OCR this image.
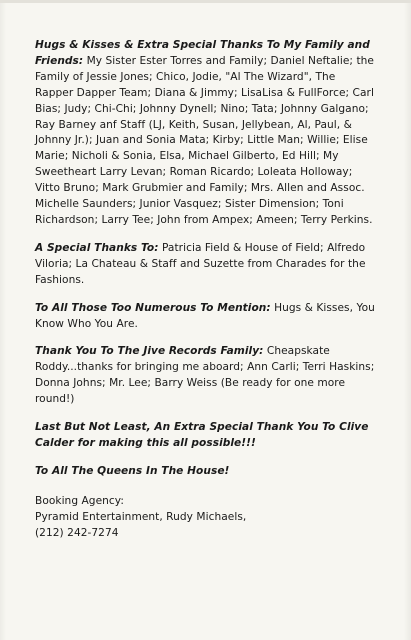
Hugs & Kisses & Extra Special Thanks To My Family and Friends: My Sister Ester Torres and Family; Daniel Neftalie; the Family of Jessie Jones; Chico, Jodie, "Al The Wizard", The Rapper Dapper Team; Diana & Jimmy; LisaLisa & FullForce; Carl Bias; Judy; Chi-Chi; Johnny Dynell; Nino; Tata; Johnny Galgano; Ray Barney anf Staff (LJ, Keith, Susan, Jellybean, Al, Paul, & Johnny Jr.); Juan and Sonia Mata; Kirby; Little Man; Willie; Elise Marie; Nicholi & Sonia, Elsa, Michael Gilberto, Ed Hill; My Sweetheart Larry Levan; Roman Ricardo; Loleata Holloway; Vitto Bruno; Mark Grubmier and Family; Mrs. Allen and Assoc. Michelle Saunders; Junior Vasquez; Sister Dimension; Toni Richardson; Larry Tee; John from Ampex; Ameen; Terry Perkins.

A Special Thanks To: Patricia Field & House of Field; Alfredo Viloria; La Chateau & Staff and Suzette from Charades for the Fashions.

To All Those Too Numerous To Mention: Hugs & Kisses, You Know Who You Are.

Thank You To The Jive Records Family: Cheapskate Roddy...thanks for bringing me aboard; Ann Carli; Terri Haskins; Donna Johns; Mr. Lee; Barry Weiss (Be ready for one more round!)

Last But Not Least, An Extra Special Thank You To Clive Calder for making this all possible!!!

To All The Queens In The House!

Booking Agency:
Pyramid Entertainment, Rudy Michaels,
(212) 242-7274
